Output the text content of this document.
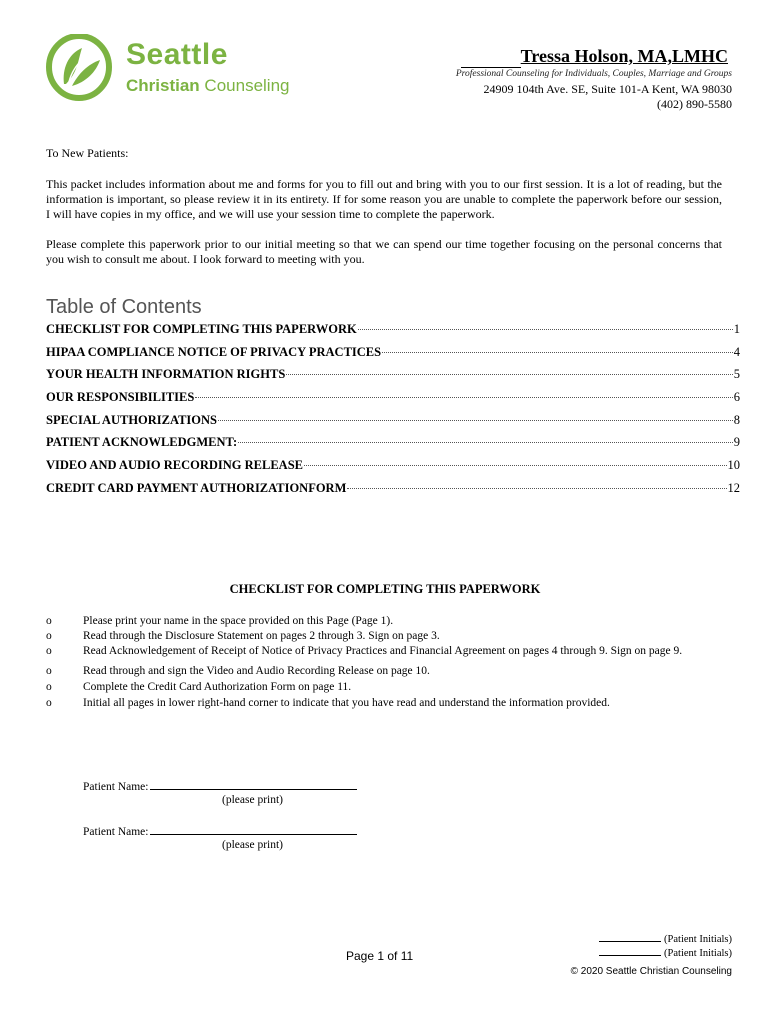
Seattle
Christian Counseling
Tressa Holson, MA,LMHC
Professional Counseling for Individuals, Couples, Marriage and Groups
24909 104th Ave. SE, Suite 101-A Kent, WA 98030
(402) 890-5580
To New Patients:
This packet includes information about me and forms for you to fill out and bring with you to our first session. It is a lot of reading, but the information is important, so please review it in its entirety. If for some reason you are unable to complete the paperwork before our session, I will have copies in my office, and we will use your session time to complete the paperwork.
Please complete this paperwork prior to our initial meeting so that we can spend our time together focusing on the personal concerns that you wish to consult me about. I look forward to meeting with you.
Table of Contents
CHECKLIST FOR COMPLETING THIS PAPERWORK	1
HIPAA COMPLIANCE NOTICE OF PRIVACY PRACTICES	4
YOUR HEALTH INFORMATION RIGHTS	5
OUR RESPONSIBILITIES	6
SPECIAL AUTHORIZATIONS	8
PATIENT ACKNOWLEDGMENT:	9
VIDEO AND AUDIO RECORDING RELEASE	10
CREDIT CARD PAYMENT AUTHORIZATIONFORM	12
CHECKLIST FOR COMPLETING THIS PAPERWORK
o	Please print your name in the space provided on this Page (Page 1).
o	Read through the Disclosure Statement on pages 2 through 3. Sign on page 3.
o	Read Acknowledgement of Receipt of Notice of Privacy Practices and Financial Agreement on pages 4 through 9. Sign on page 9.
o	Read through and sign the Video and Audio Recording Release on page 10.
o	Complete the Credit Card Authorization Form on page 11.
o	Initial all pages in lower right-hand corner to indicate that you have read and understand the information provided.
Patient Name:
(please print)
Patient Name:
(please print)
Page 1 of 11
(Patient Initials)
(Patient Initials)
© 2020 Seattle Christian Counseling
